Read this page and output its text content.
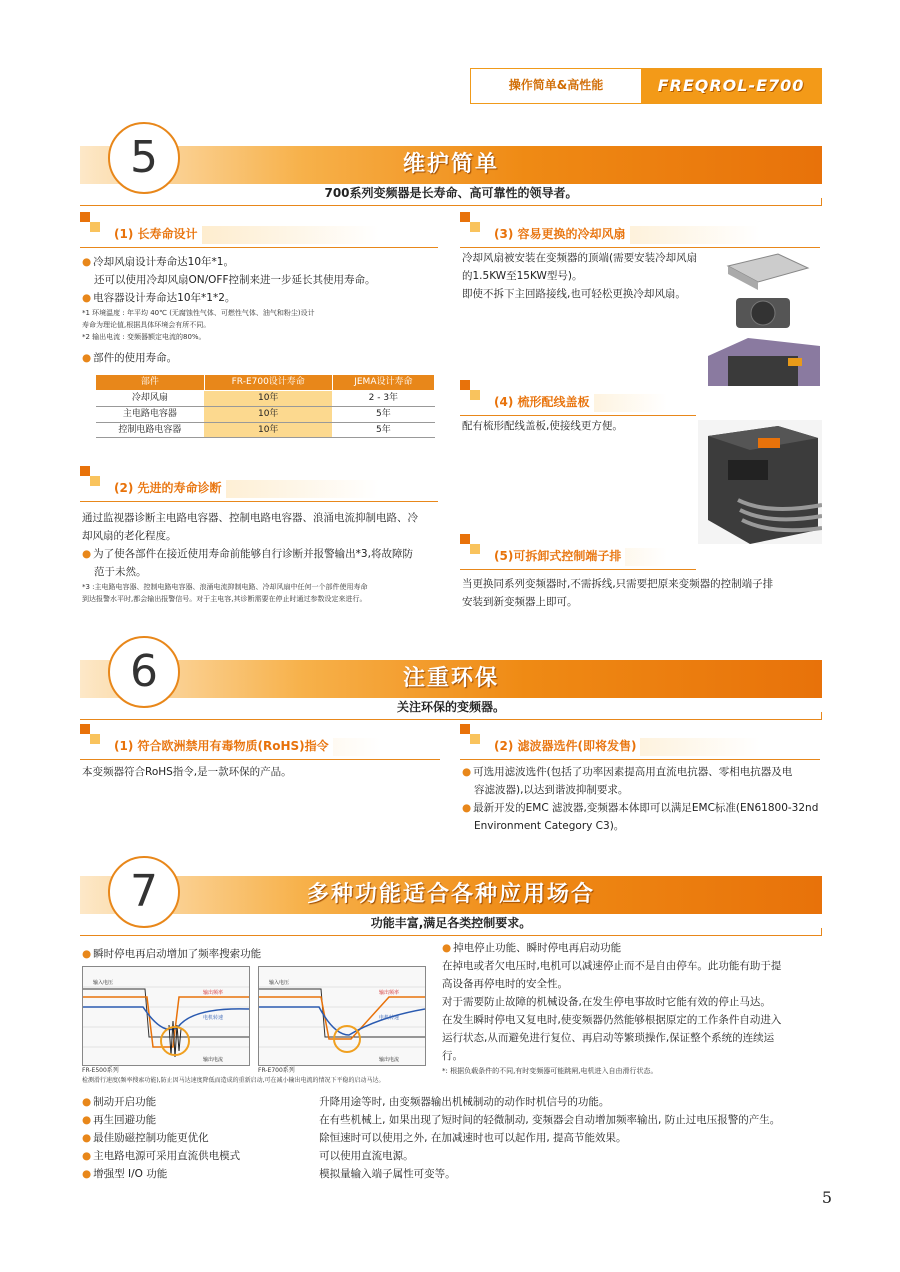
操作简单&高性能	FREQROL-E700
5	维护简单
700系列变频器是长寿命、高可靠性的领导者。
(1) 长寿命设计

● 冷却风扇设计寿命达10年*1。

还可以使用冷却风扇ON/OFF控制来进一步延长其使用寿命。

● 电容器设计寿命达10年*1*2。

*1 环境温度 : 年平均 40℃ (无腐蚀性气体、可燃性气体、油气和粉尘)设计
寿命为理论值,根据具体环境会有所不同。
*2 输出电流 : 变频器额定电流的80%。

● 部件的使用寿命。

部件	FR-E700设计寿命	JEMA设计寿命
冷却风扇	10年	2 - 3年
主电路电容器	10年	5年
控制电路电容器	10年	5年
(2) 先进的寿命诊断

通过监视器诊断主电路电容器、控制电路电容器、浪涌电流抑制电路、冷

却风扇的老化程度。

● 为了使各部件在接近使用寿命前能够自行诊断并报警输出*3,将故障防

范于未然。

*3 :主电路电容器、控制电路电容器、浪涌电流抑制电路、冷却风扇中任何一个部件使用寿命
到达报警水平时,都会输出报警信号。对于主电容,其诊断需要在停止时通过参数设定来进行。
(3) 容易更换的冷却风扇

冷却风扇被安装在变频器的顶端(需要安装冷却风扇

的1.5KW至15KW型号)。

即使不拆下主回路接线,也可轻松更换冷却风扇。

(4) 梳形配线盖板

配有梳形配线盖板,使接线更方便。

(5)可拆卸式控制端子排

当更换同系列变频器时,不需拆线,只需要把原来变频器的控制端子排

安装到新变频器上即可。

6	注重环保
关注环保的变频器。
(1) 符合欧洲禁用有毒物质(RoHS)指令

本变频器符合RoHS指令,是一款环保的产品。

(2) 滤波器选件(即将发售)

● 可选用滤波选件(包括了功率因素提高用直流电抗器、零相电抗器及电

容滤波器),以达到谐波抑制要求。

● 最新开发的EMC 滤波器,变频器本体即可以满足EMC标准(EN61800-32nd

Environment Category C3)。

7	多种功能适合各种应用场合
功能丰富,满足各类控制要求。

● 瞬时停电再启动增加了频率搜索功能

输入电压
输出频率
电机转速
输出电流
输入电压
输出频率
电机转速
输出电流
FR-E500系列	FR-E700系列
检测滑行速度(频率搜索功能),防止因马达速度降低而造成的重新启动,可在减小输出电流的情况下平稳的启动马达。

● 掉电停止功能、瞬时停电再启动功能

在掉电或者欠电压时,电机可以减速停止而不是自由停车。此功能有助于提

高设备再停电时的安全性。

对于需要防止故障的机械设备,在发生停电事故时它能有效的停止马达。

在发生瞬时停电又复电时,使变频器仍然能够根据原定的工作条件自动进入

运行状态,从而避免进行复位、再启动等繁琐操作,保证整个系统的连续运

行。

*: 根据负载条件的不同,有时变频器可能跳闸,电机进入自由滑行状态。
● 制动开启功能	升降用途等时, 由变频器输出机械制动的动作时机信号的功能。
● 再生回避功能	在有些机械上, 如果出现了短时间的轻微制动, 变频器会自动增加频率输出, 防止过电压报警的产生。
● 最佳励磁控制功能更优化	除恒速时可以使用之外, 在加减速时也可以起作用, 提高节能效果。
● 主电路电源可采用直流供电模式	可以使用直流电源。
● 增强型 I/O 功能	模拟量输入端子属性可变等。
5
